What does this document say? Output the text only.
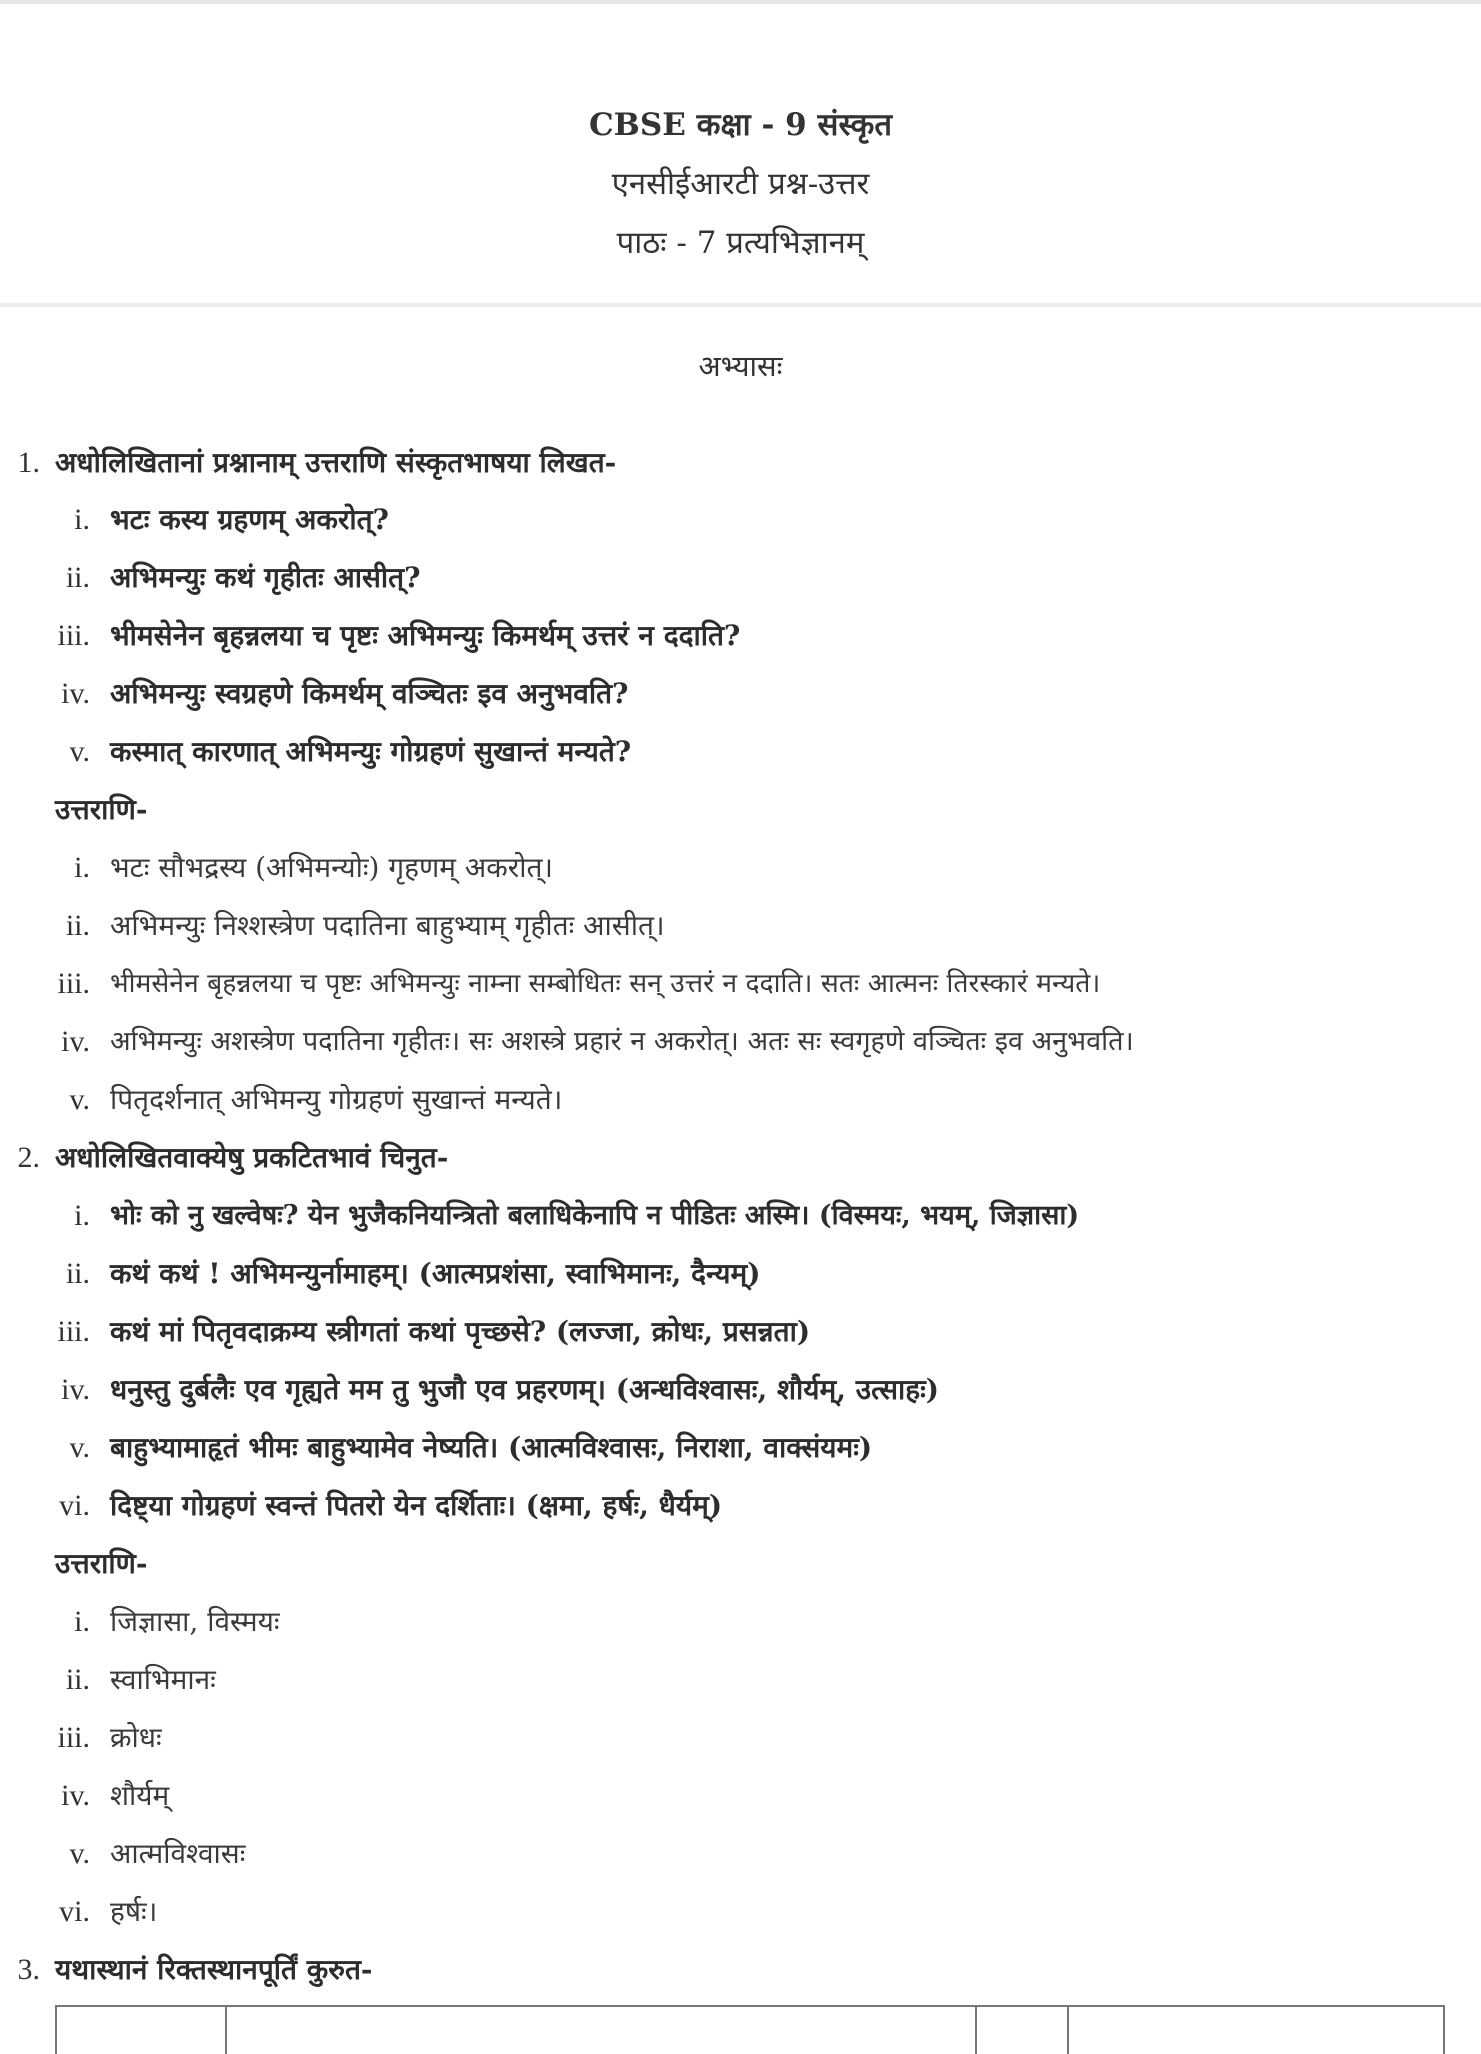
CBSE कक्षा - 9 संस्कृत
एनसीईआरटी प्रश्न-उत्तर
पाठः - 7 प्रत्यभिज्ञानम्
अभ्यासः
1. अधोलिखितानां प्रश्नानाम् उत्तराणि संस्कृतभाषया लिखत-
i. भटः कस्य ग्रहणम् अकरोत्?
ii. अभिमन्युः कथं गृहीतः आसीत्?
iii. भीमसेनेन बृहन्नलया च पृष्टः अभिमन्युः किमर्थम् उत्तरं न ददाति?
iv. अभिमन्युः स्वग्रहणे किमर्थम् वञ्चितः इव अनुभवति?
v. कस्मात् कारणात् अभिमन्युः गोग्रहणं सुखान्तं मन्यते?
उत्तराणि-
i. भटः सौभद्रस्य (अभिमन्योः) गृहणम् अकरोत्।
ii. अभिमन्युः निश्शस्त्रेण पदातिना बाहुभ्याम् गृहीतः आसीत्।
iii. भीमसेनेन बृहन्नलया च पृष्टः अभिमन्युः नाम्ना सम्बोधितः सन् उत्तरं न ददाति। सतः आत्मनः तिरस्कारं मन्यते।
iv. अभिमन्युः अशस्त्रेण पदातिना गृहीतः। सः अशस्त्रे प्रहारं न अकरोत्। अतः सः स्वगृहणे वञ्चितः इव अनुभवति।
v. पितृदर्शनात् अभिमन्यु गोग्रहणं सुखान्तं मन्यते।
2. अधोलिखितवाक्येषु प्रकटितभावं चिनुत-
i. भोः को नु खल्वेषः? येन भुजैकनियन्त्रितो बलाधिकेनापि न पीडितः अस्मि। (विस्मयः, भयम्, जिज्ञासा)
ii. कथं कथं ! अभिमन्युर्नामाहम्। (आत्मप्रशंसा, स्वाभिमानः, दैन्यम्)
iii. कथं मां पितृवदाक्रम्य स्त्रीगतां कथां पृच्छसे? (लज्जा, क्रोधः, प्रसन्नता)
iv. धनुस्तु दुर्बलैः एव गृह्यते मम तु भुजौ एव प्रहरणम्। (अन्धविश्वासः, शौर्यम्, उत्साहः)
v. बाहुभ्यामाहृतं भीमः बाहुभ्यामेव नेष्यति। (आत्मविश्वासः, निराशा, वाक्संयमः)
vi. दिष्ट्या गोग्रहणं स्वन्तं पितरो येन दर्शिताः। (क्षमा, हर्षः, धैर्यम्)
उत्तराणि-
i. जिज्ञासा, विस्मयः
ii. स्वाभिमानः
iii. क्रोधः
iv. शौर्यम्
v. आत्मविश्वासः
vi. हर्षः।
3. यथास्थानं रिक्तस्थानपूर्तिं कुरुत-
